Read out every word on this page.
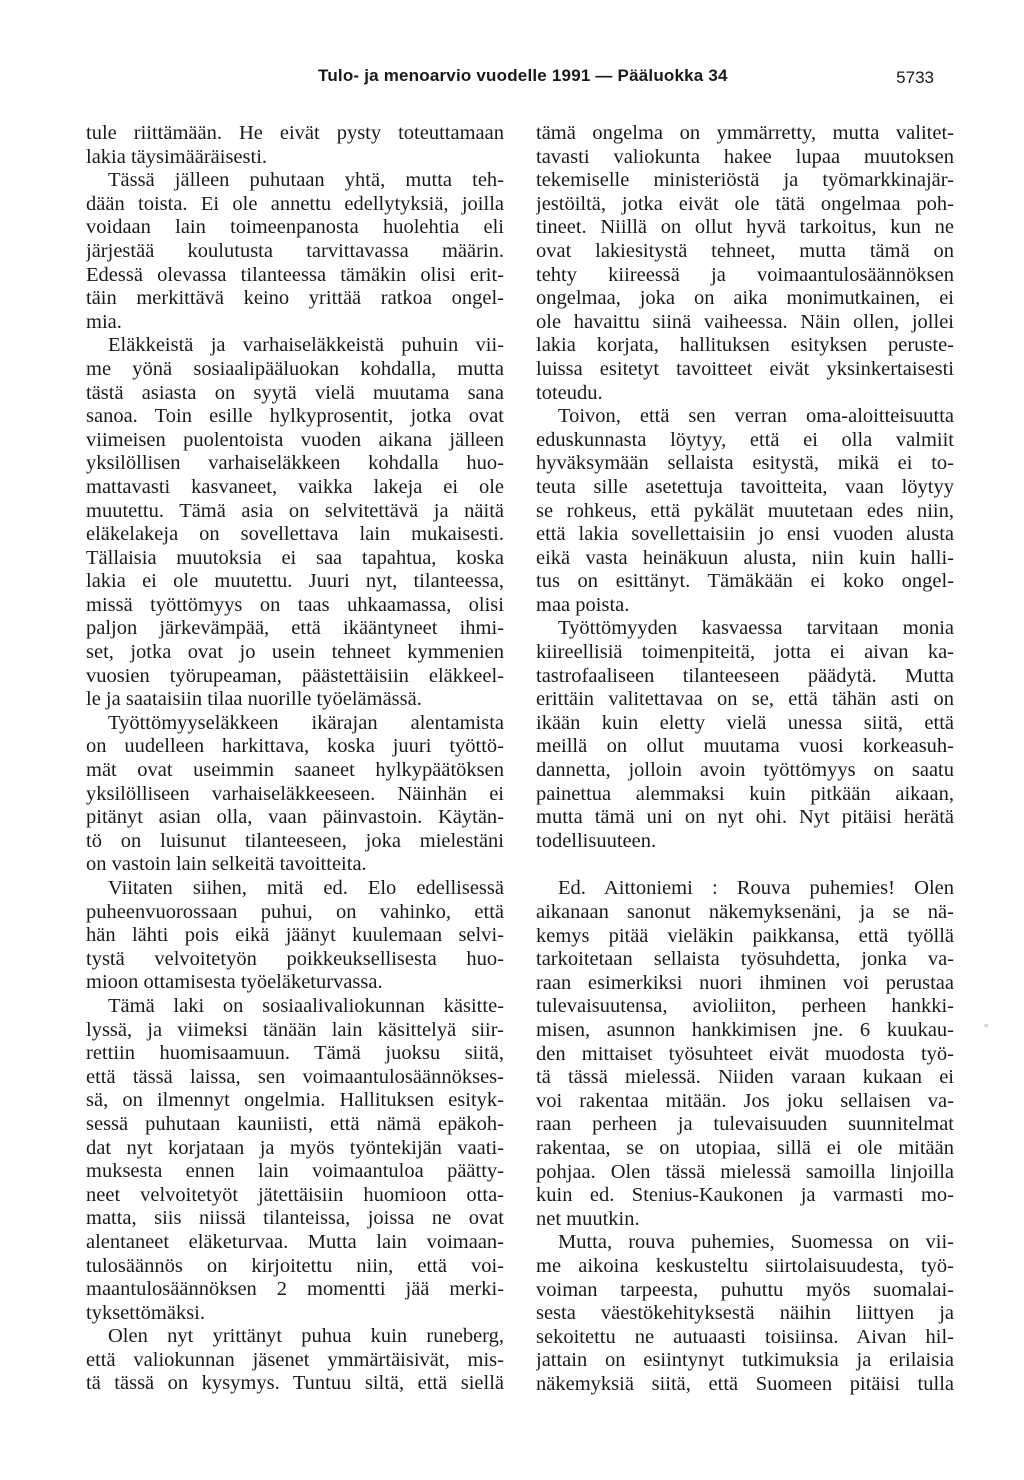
Tulo- ja menoarvio vuodelle 1991 — Pääluokka 34	5733
tule riittämään. He eivät pysty toteuttamaan
lakia täysimääräisesti.
Tässä jälleen puhutaan yhtä, mutta teh-
dään toista. Ei ole annettu edellytyksiä, joilla
voidaan lain toimeenpanosta huolehtia eli
järjestää koulutusta tarvittavassa määrin.
Edessä olevassa tilanteessa tämäkin olisi erit-
täin merkittävä keino yrittää ratkoa ongel-
mia.
Eläkkeistä ja varhaiseläkkeistä puhuin vii-
me yönä sosiaalipääluokan kohdalla, mutta
tästä asiasta on syytä vielä muutama sana
sanoa. Toin esille hylkyprosentit, jotka ovat
viimeisen puolentoista vuoden aikana jälleen
yksilöllisen varhaiseläkkeen kohdalla huo-
mattavasti kasvaneet, vaikka lakeja ei ole
muutettu. Tämä asia on selvitettävä ja näitä
eläkelakeja on sovellettava lain mukaisesti.
Tällaisia muutoksia ei saa tapahtua, koska
lakia ei ole muutettu. Juuri nyt, tilanteessa,
missä työttömyys on taas uhkaamassa, olisi
paljon järkevämpää, että ikääntyneet ihmi-
set, jotka ovat jo usein tehneet kymmenien
vuosien työrupeaman, päästettäisiin eläkkeel-
le ja saataisiin tilaa nuorille työelämässä.
Työttömyyseläkkeen ikärajan alentamista
on uudelleen harkittava, koska juuri työttö-
mät ovat useimmin saaneet hylkypäätöksen
yksilölliseen varhaiseläkkeeseen. Näinhän ei
pitänyt asian olla, vaan päinvastoin. Käytän-
tö on luisunut tilanteeseen, joka mielestäni
on vastoin lain selkeitä tavoitteita.
Viitaten siihen, mitä ed. Elo edellisessä
puheenvuorossaan puhui, on vahinko, että
hän lähti pois eikä jäänyt kuulemaan selvi-
tystä velvoitetyön poikkeuksellisesta huo-
mioon ottamisesta työeläketurvassa.
Tämä laki on sosiaalivaliokunnan käsitte-
lyssä, ja viimeksi tänään lain käsittelyä siir-
rettiin huomisaamuun. Tämä juoksu siitä,
että tässä laissa, sen voimaantulosäännökses-
sä, on ilmennyt ongelmia. Hallituksen esityk-
sessä puhutaan kauniisti, että nämä epäkoh-
dat nyt korjataan ja myös työntekijän vaati-
muksesta ennen lain voimaantuloa päätty-
neet velvoitetyöt jätettäisiin huomioon otta-
matta, siis niissä tilanteissa, joissa ne ovat
alentaneet eläketurvaa. Mutta lain voimaan-
tulosäännös on kirjoitettu niin, että voi-
maantulosäännöksen 2 momentti jää merki-
tyksettömäksi.
Olen nyt yrittänyt puhua kuin runeberg,
että valiokunnan jäsenet ymmärtäisivät, mis-
tä tässä on kysymys. Tuntuu siltä, että siellä
tämä ongelma on ymmärretty, mutta valitet-
tavasti valiokunta hakee lupaa muutoksen
tekemiselle ministeriöstä ja työmarkkinajär-
jestöiltä, jotka eivät ole tätä ongelmaa poh-
tineet. Niillä on ollut hyvä tarkoitus, kun ne
ovat lakiesitystä tehneet, mutta tämä on
tehty kiireessä ja voimaantulosäännöksen
ongelmaa, joka on aika monimutkainen, ei
ole havaittu siinä vaiheessa. Näin ollen, jollei
lakia korjata, hallituksen esityksen peruste-
luissa esitetyt tavoitteet eivät yksinkertaisesti
toteudu.
Toivon, että sen verran oma-aloitteisuutta
eduskunnasta löytyy, että ei olla valmiit
hyväksymään sellaista esitystä, mikä ei to-
teuta sille asetettuja tavoitteita, vaan löytyy
se rohkeus, että pykälät muutetaan edes niin,
että lakia sovellettaisiin jo ensi vuoden alusta
eikä vasta heinäkuun alusta, niin kuin halli-
tus on esittänyt. Tämäkään ei koko ongel-
maa poista.
Työttömyyden kasvaessa tarvitaan monia
kiireellisiä toimenpiteitä, jotta ei aivan ka-
tastrofaaliseen tilanteeseen päädytä. Mutta
erittäin valitettavaa on se, että tähän asti on
ikään kuin eletty vielä unessa siitä, että
meillä on ollut muutama vuosi korkeasuh-
dannetta, jolloin avoin työttömyys on saatu
painettua alemmaksi kuin pitkään aikaan,
mutta tämä uni on nyt ohi. Nyt pitäisi herätä
todellisuuteen.
Ed. Aittoniemi : Rouva puhemies! Olen
aikanaan sanonut näkemyksenäni, ja se nä-
kemys pitää vieläkin paikkansa, että työllä
tarkoitetaan sellaista työsuhdetta, jonka va-
raan esimerkiksi nuori ihminen voi perustaa
tulevaisuutensa, avioliiton, perheen hankki-
misen, asunnon hankkimisen jne. 6 kuukau-
den mittaiset työsuhteet eivät muodosta työ-
tä tässä mielessä. Niiden varaan kukaan ei
voi rakentaa mitään. Jos joku sellaisen va-
raan perheen ja tulevaisuuden suunnitelmat
rakentaa, se on utopiaa, sillä ei ole mitään
pohjaa. Olen tässä mielessä samoilla linjoilla
kuin ed. Stenius-Kaukonen ja varmasti mo-
net muutkin.
Mutta, rouva puhemies, Suomessa on vii-
me aikoina keskusteltu siirtolaisuudesta, työ-
voiman tarpeesta, puhuttu myös suomalai-
sesta väestökehityksestä näihin liittyen ja
sekoitettu ne autuaasti toisiinsa. Aivan hil-
jattain on esiintynyt tutkimuksia ja erilaisia
näkemyksiä siitä, että Suomeen pitäisi tulla
°
